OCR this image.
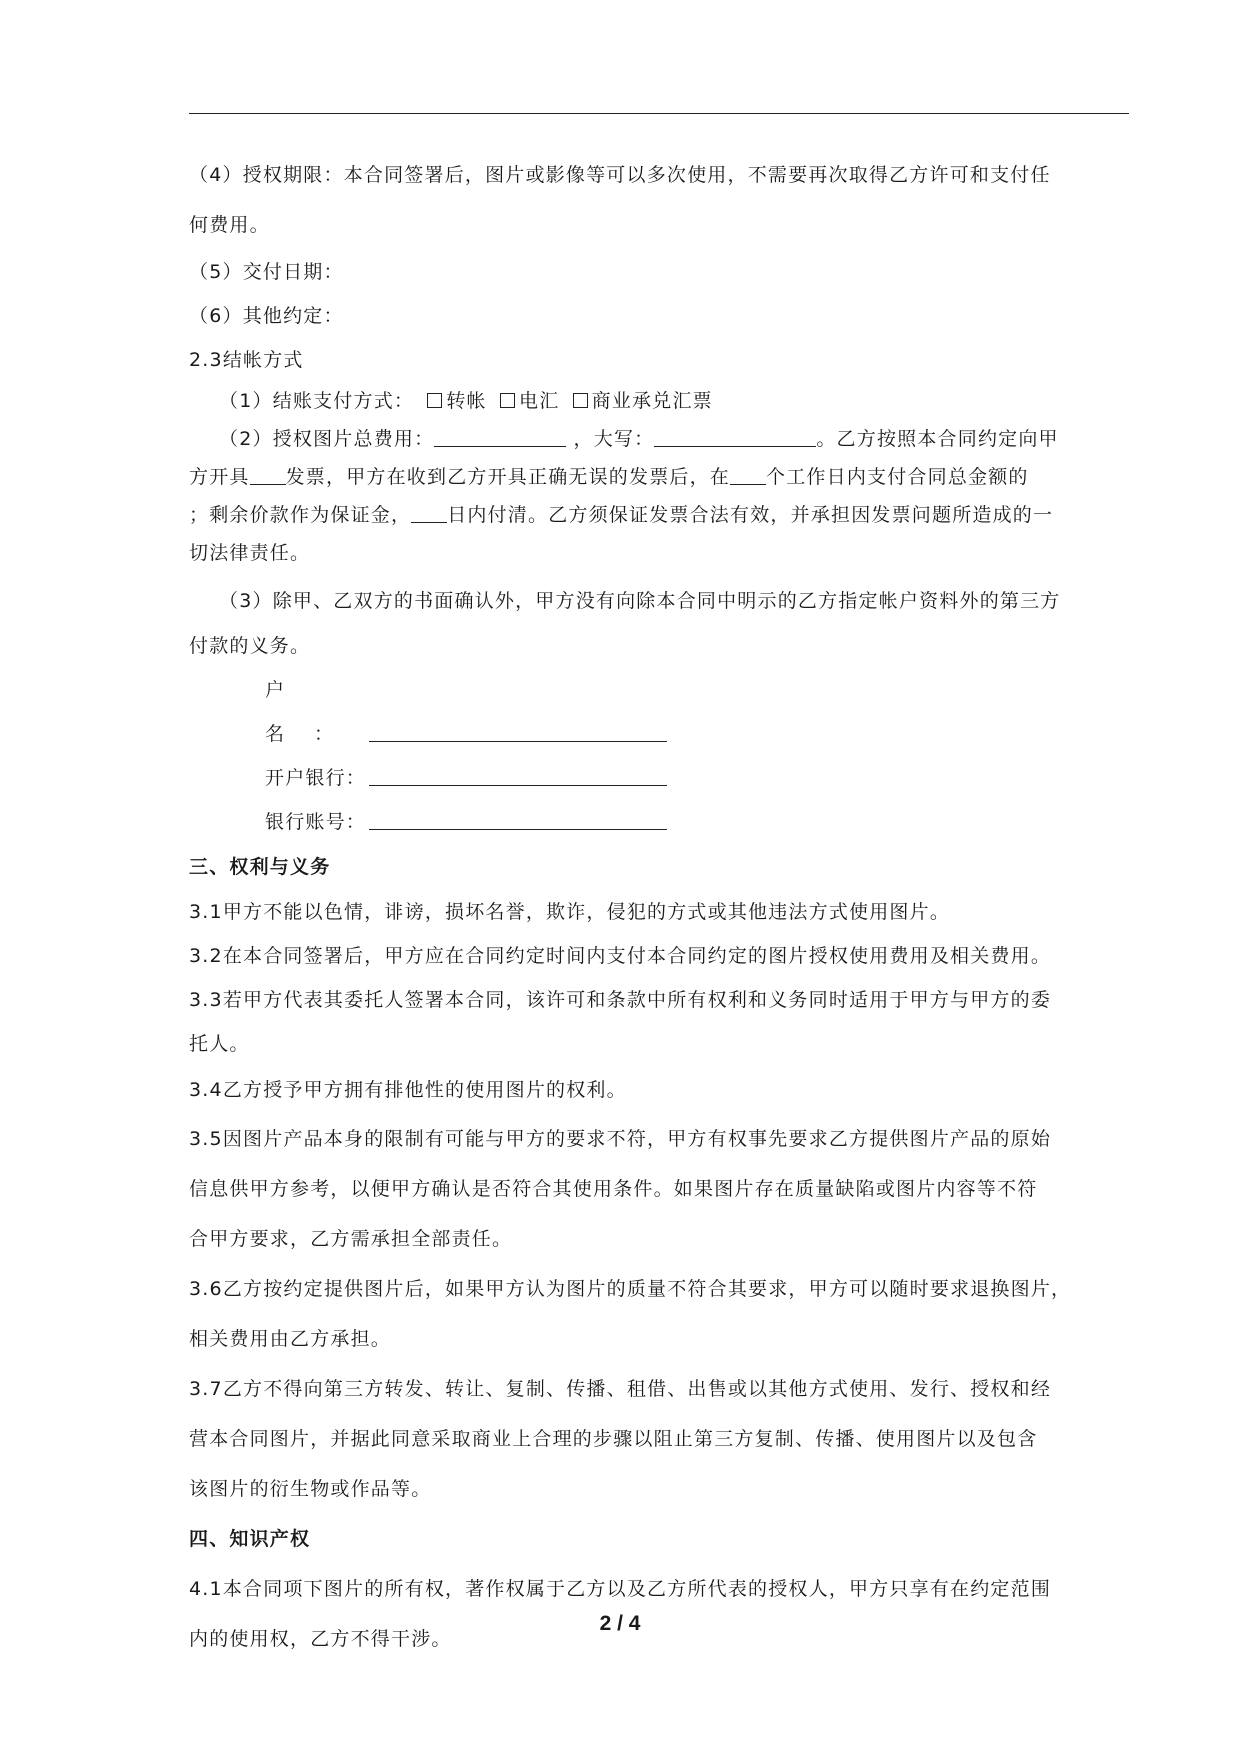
（4）授权期限：本合同签署后，图片或影像等可以多次使用，不需要再次取得乙方许可和支付任

何费用。

（5）交付日期：

（6）其他约定：

2.3结帐方式

（1）结账支付方式： 转帐 电汇 商业承兑汇票

（2）授权图片总费用：	，大写：	。乙方按照本合同约定向甲

方开具 发票，甲方在收到乙方开具正确无误的发票后，在 个工作日内支付合同总金额的

；剩余价款作为保证金， 日内付清。乙方须保证发票合法有效，并承担因发票问题所造成的一

切法律责任。

（3）除甲、乙双方的书面确认外，甲方没有向除本合同中明示的乙方指定帐户资料外的第三方

付款的义务。

户名：

开户银行：

银行账号：

三、权利与义务

3.1甲方不能以色情，诽谤，损坏名誉，欺诈，侵犯的方式或其他违法方式使用图片。

3.2在本合同签署后，甲方应在合同约定时间内支付本合同约定的图片授权使用费用及相关费用。

3.3若甲方代表其委托人签署本合同，该许可和条款中所有权利和义务同时适用于甲方与甲方的委

托人。

3.4乙方授予甲方拥有排他性的使用图片的权利。

3.5因图片产品本身的限制有可能与甲方的要求不符，甲方有权事先要求乙方提供图片产品的原始

信息供甲方参考，以便甲方确认是否符合其使用条件。如果图片存在质量缺陷或图片内容等不符

合甲方要求，乙方需承担全部责任。

3.6乙方按约定提供图片后，如果甲方认为图片的质量不符合其要求，甲方可以随时要求退换图片，

相关费用由乙方承担。

3.7乙方不得向第三方转发、转让、复制、传播、租借、出售或以其他方式使用、发行、授权和经

营本合同图片，并据此同意采取商业上合理的步骤以阻止第三方复制、传播、使用图片以及包含

该图片的衍生物或作品等。

四、知识产权

4.1本合同项下图片的所有权，著作权属于乙方以及乙方所代表的授权人，甲方只享有在约定范围

内的使用权，乙方不得干涉。

2 / 4
